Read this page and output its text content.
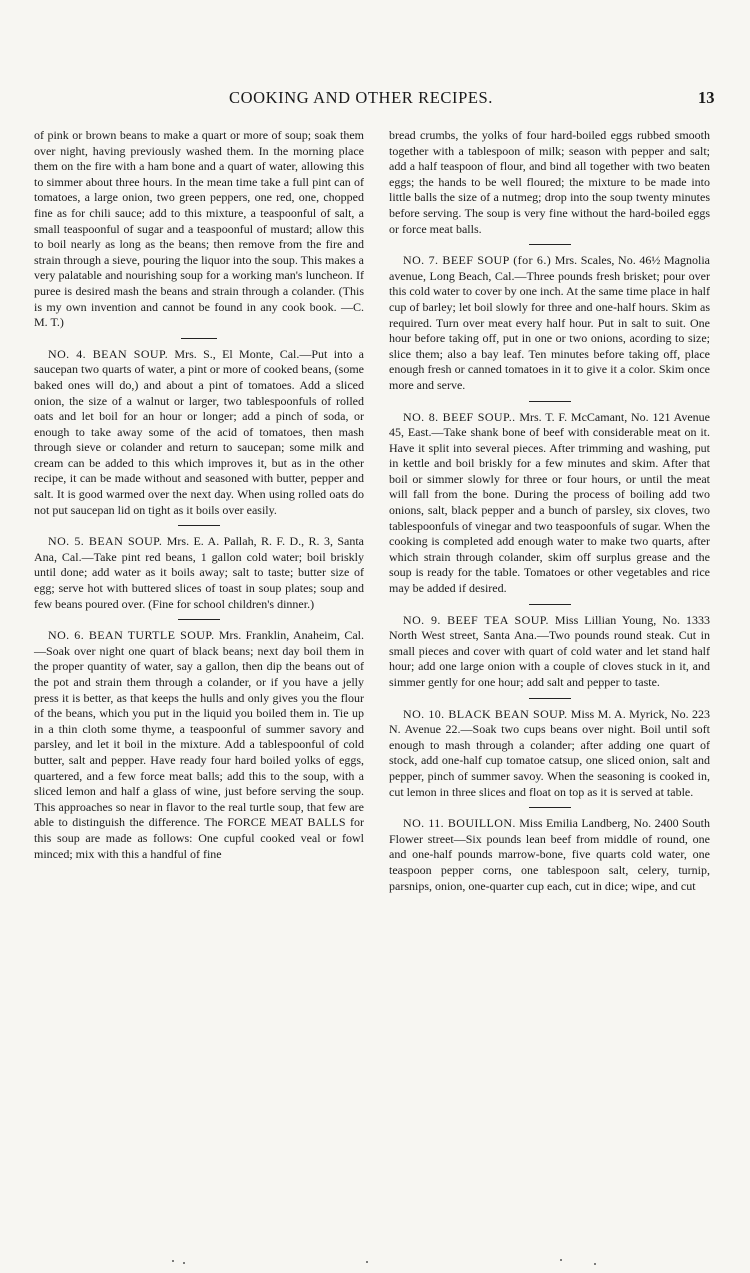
COOKING AND OTHER RECIPES.	13

of pink or brown beans to make a quart or more of soup; soak them over night, having previously washed them. In the morning place them on the fire with a ham bone and a quart of water, allowing this to simmer about three hours. In the mean time take a full pint can of tomatoes, a large onion, two green peppers, one red, one, chopped fine as for chili sauce; add to this mixture, a teaspoonful of salt, a small teaspoonful of sugar and a teaspoonful of mustard; allow this to boil nearly as long as the beans; then remove from the fire and strain through a sieve, pouring the liquor into the soup. This makes a very palatable and nourishing soup for a working man's luncheon. If puree is desired mash the beans and strain through a colander. (This is my own invention and cannot be found in any cook book. —C. M. T.)

NO. 4. BEAN SOUP. Mrs. S., El Monte, Cal.—Put into a saucepan two quarts of water, a pint or more of cooked beans, (some baked ones will do,) and about a pint of tomatoes. Add a sliced onion, the size of a walnut or larger, two tablespoonfuls of rolled oats and let boil for an hour or longer; add a pinch of soda, or enough to take away some of the acid of tomatoes, then mash through sieve or colander and return to saucepan; some milk and cream can be added to this which improves it, but as in the other recipe, it can be made without and seasoned with butter, pepper and salt. It is good warmed over the next day. When using rolled oats do not put saucepan lid on tight as it boils over easily.

NO. 5. BEAN SOUP. Mrs. E. A. Pallah, R. F. D., R. 3, Santa Ana, Cal.—Take pint red beans, 1 gallon cold water; boil briskly until done; add water as it boils away; salt to taste; butter size of egg; serve hot with buttered slices of toast in soup plates; soup and few beans poured over. (Fine for school children's dinner.)

NO. 6. BEAN TURTLE SOUP. Mrs. Franklin, Anaheim, Cal.—Soak over night one quart of black beans; next day boil them in the proper quantity of water, say a gallon, then dip the beans out of the pot and strain them through a colander, or if you have a jelly press it is better, as that keeps the hulls and only gives you the flour of the beans, which you put in the liquid you boiled them in. Tie up in a thin cloth some thyme, a teaspoonful of summer savory and parsley, and let it boil in the mixture. Add a tablespoonful of cold butter, salt and pepper. Have ready four hard boiled yolks of eggs, quartered, and a few force meat balls; add this to the soup, with a sliced lemon and half a glass of wine, just before serving the soup. This approaches so near in flavor to the real turtle soup, that few are able to distinguish the difference. The FORCE MEAT BALLS for this soup are made as follows: One cupful cooked veal or fowl minced; mix with this a handful of fine

bread crumbs, the yolks of four hard-boiled eggs rubbed smooth together with a tablespoon of milk; season with pepper and salt; add a half teaspoon of flour, and bind all together with two beaten eggs; the hands to be well floured; the mixture to be made into little balls the size of a nutmeg; drop into the soup twenty minutes before serving. The soup is very fine without the hard-boiled eggs or force meat balls.

NO. 7. BEEF SOUP (for 6.) Mrs. Scales, No. 46½ Magnolia avenue, Long Beach, Cal.—Three pounds fresh brisket; pour over this cold water to cover by one inch. At the same time place in half cup of barley; let boil slowly for three and one-half hours. Skim as required. Turn over meat every half hour. Put in salt to suit. One hour before taking off, put in one or two onions, acording to size; slice them; also a bay leaf. Ten minutes before taking off, place enough fresh or canned tomatoes in it to give it a color. Skim once more and serve.

NO. 8. BEEF SOUP.. Mrs. T. F. McCamant, No. 121 Avenue 45, East.—Take shank bone of beef with considerable meat on it. Have it split into several pieces. After trimming and washing, put in kettle and boil briskly for a few minutes and skim. After that boil or simmer slowly for three or four hours, or until the meat will fall from the bone. During the process of boiling add two onions, salt, black pepper and a bunch of parsley, six cloves, two tablespoonfuls of vinegar and two teaspoonfuls of sugar. When the cooking is completed add enough water to make two quarts, after which strain through colander, skim off surplus grease and the soup is ready for the table. Tomatoes or other vegetables and rice may be added if desired.

NO. 9. BEEF TEA SOUP. Miss Lillian Young, No. 1333 North West street, Santa Ana.—Two pounds round steak. Cut in small pieces and cover with quart of cold water and let stand half hour; add one large onion with a couple of cloves stuck in it, and simmer gently for one hour; add salt and pepper to taste.

NO. 10. BLACK BEAN SOUP. Miss M. A. Myrick, No. 223 N. Avenue 22.—Soak two cups beans over night. Boil until soft enough to mash through a colander; after adding one quart of stock, add one-half cup tomatoe catsup, one sliced onion, salt and pepper, pinch of summer savoy. When the seasoning is cooked in, cut lemon in three slices and float on top as it is served at table.

NO. 11. BOUILLON. Miss Emilia Landberg, No. 2400 South Flower street—Six pounds lean beef from middle of round, one and one-half pounds marrow-bone, five quarts cold water, one teaspoon pepper corns, one tablespoon salt, celery, turnip, parsnips, onion, one-quarter cup each, cut in dice; wipe, and cut
